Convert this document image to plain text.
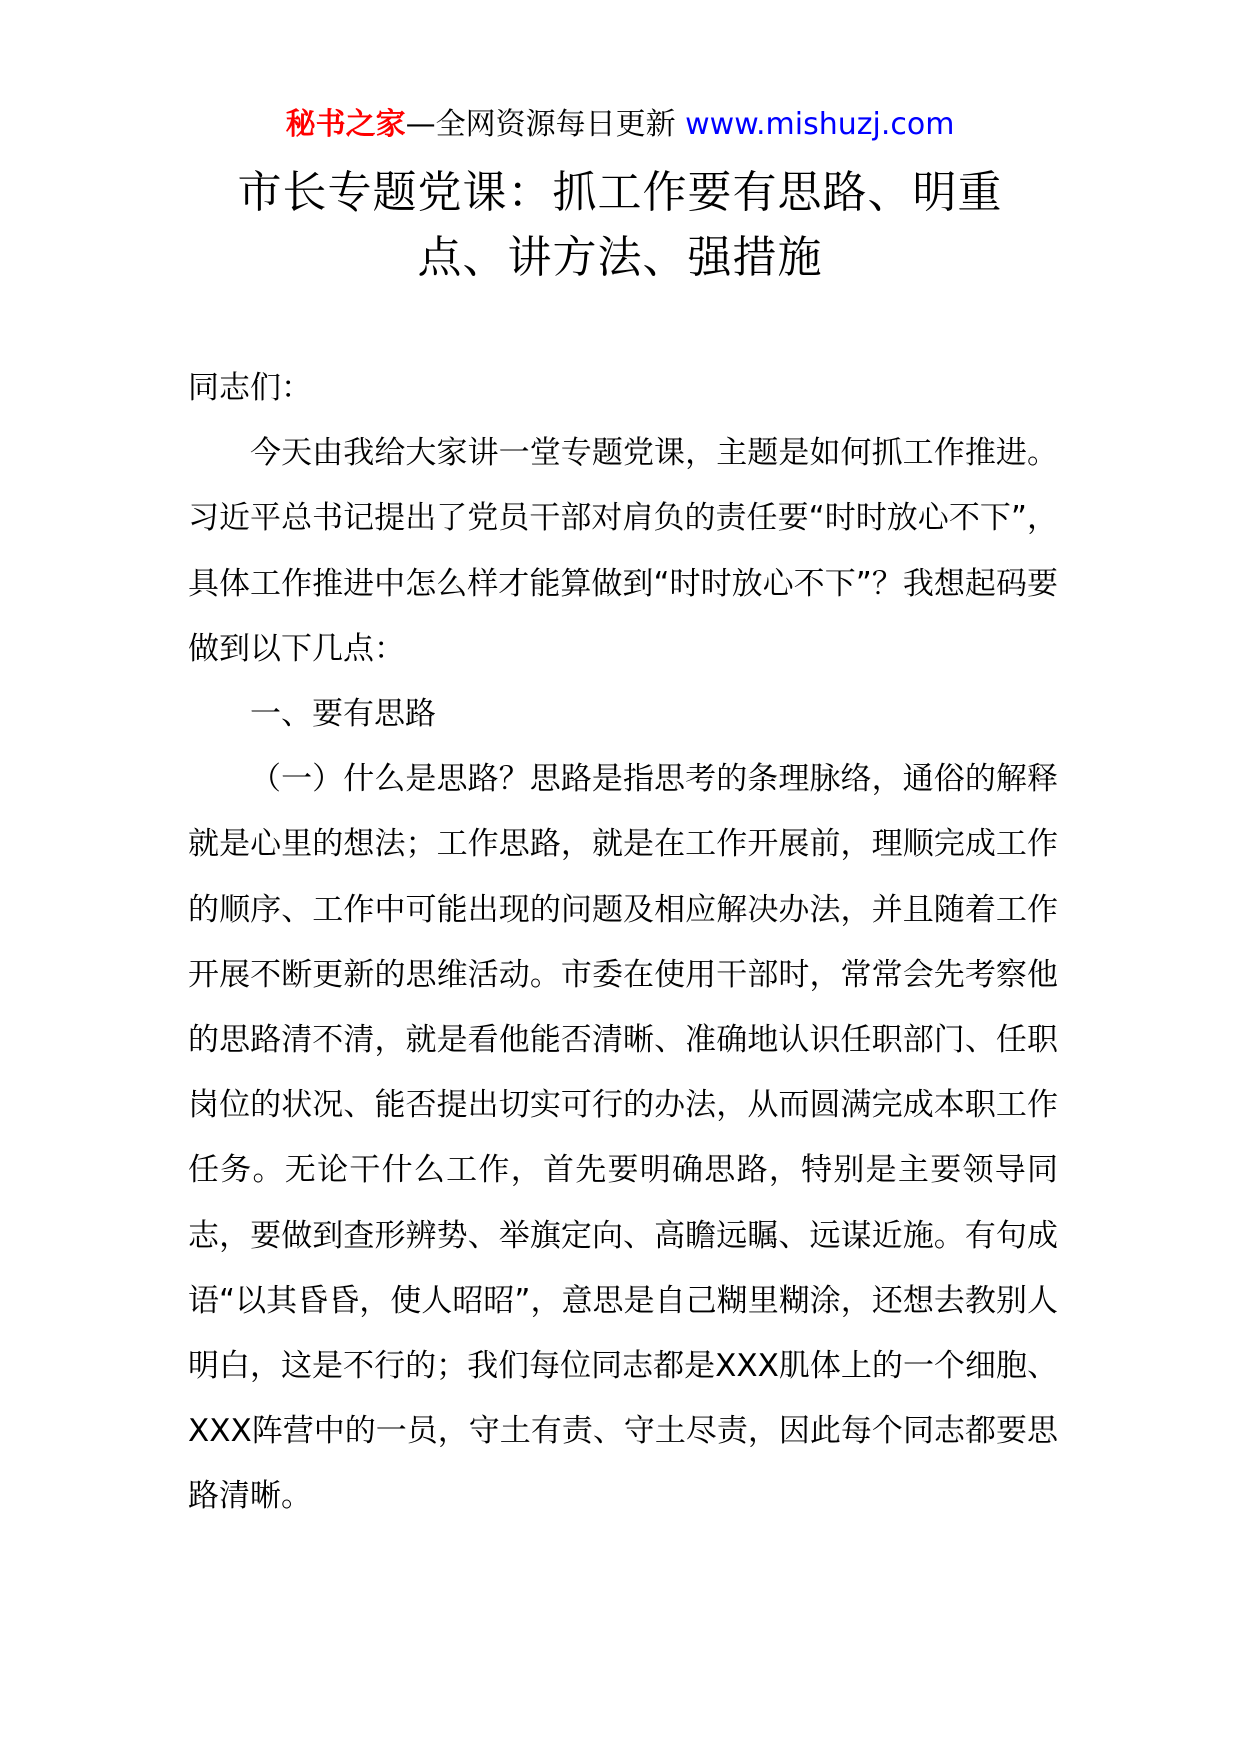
秘书之家—全网资源每日更新 www.mishuzj.com
市长专题党课：抓工作要有思路、明重
点、讲方法、强措施

同志们：

今天由我给大家讲一堂专题党课，主题是如何抓工作推进。习近平总书记提出了党员干部对肩负的责任要“时时放心不下”，具体工作推进中怎么样才能算做到“时时放心不下”？我想起码要做到以下几点：

一、要有思路

（一）什么是思路？思路是指思考的条理脉络，通俗的解释就是心里的想法；工作思路，就是在工作开展前，理顺完成工作的顺序、工作中可能出现的问题及相应解决办法，并且随着工作开展不断更新的思维活动。市委在使用干部时，常常会先考察他的思路清不清，就是看他能否清晰、准确地认识任职部门、任职岗位的状况、能否提出切实可行的办法，从而圆满完成本职工作任务。无论干什么工作，首先要明确思路，特别是主要领导同志，要做到查形辨势、举旗定向、高瞻远瞩、远谋近施。有句成语“以其昏昏，使人昭昭”，意思是自己糊里糊涂，还想去教别人明白，这是不行的；我们每位同志都是XXX肌体上的一个细胞、XXX阵营中的一员，守土有责、守土尽责，因此每个同志都要思路清晰。
